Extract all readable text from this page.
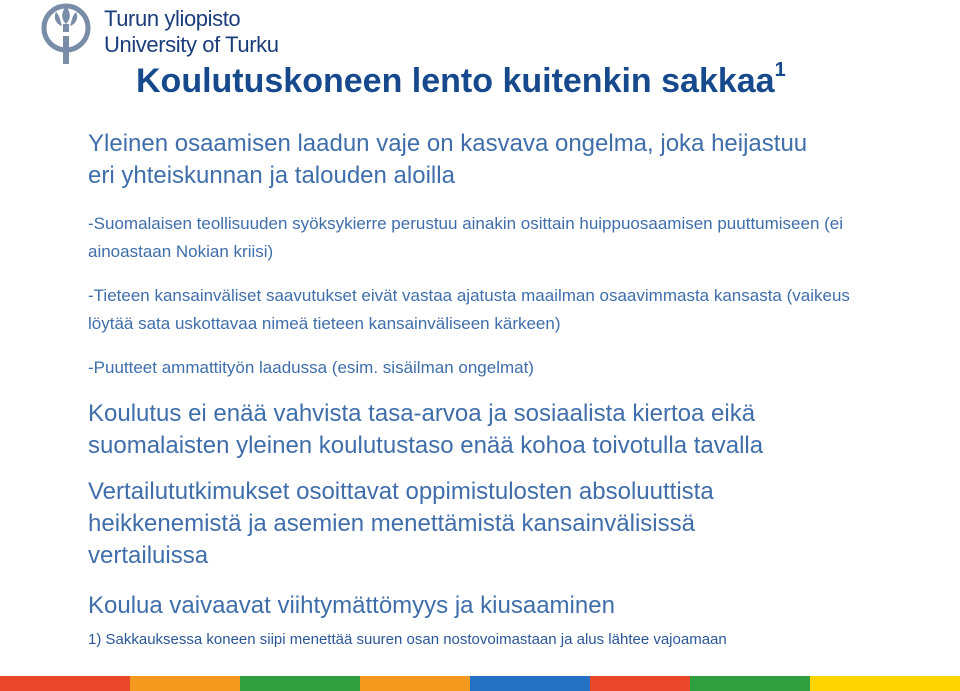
Turun yliopisto
University of Turku
Koulutuskoneen lento kuitenkin sakkaa$^1$

Yleinen osaamisen laadun vaje on kasvava ongelma, joka heijastuu eri yhteiskunnan ja talouden aloilla

-Suomalaisen teollisuuden syöksykierre perustuu ainakin osittain huippuosaamisen puuttumiseen (ei ainoastaan Nokian kriisi)

-Tieteen kansainväliset saavutukset eivät vastaa ajatusta maailman osaavimmasta kansasta (vaikeus löytää sata uskottavaa nimeä tieteen kansainväliseen kärkeen)

-Puutteet ammattityön laadussa (esim. sisäilman ongelmat)

Koulutus ei enää vahvista tasa-arvoa ja sosiaalista kiertoa eikä suomalaisten yleinen koulutustaso enää kohoa toivotulla tavalla

Vertailututkimukset osoittavat oppimistulosten absoluuttista heikkenemistä ja asemien menettämistä kansainvälisissä vertailuissa

Koulua vaivaavat viihtymättömyys ja kiusaaminen

1) Sakkauksessa koneen siipi menettää suuren osan nostovoimastaan ja alus lähtee vajoamaan
